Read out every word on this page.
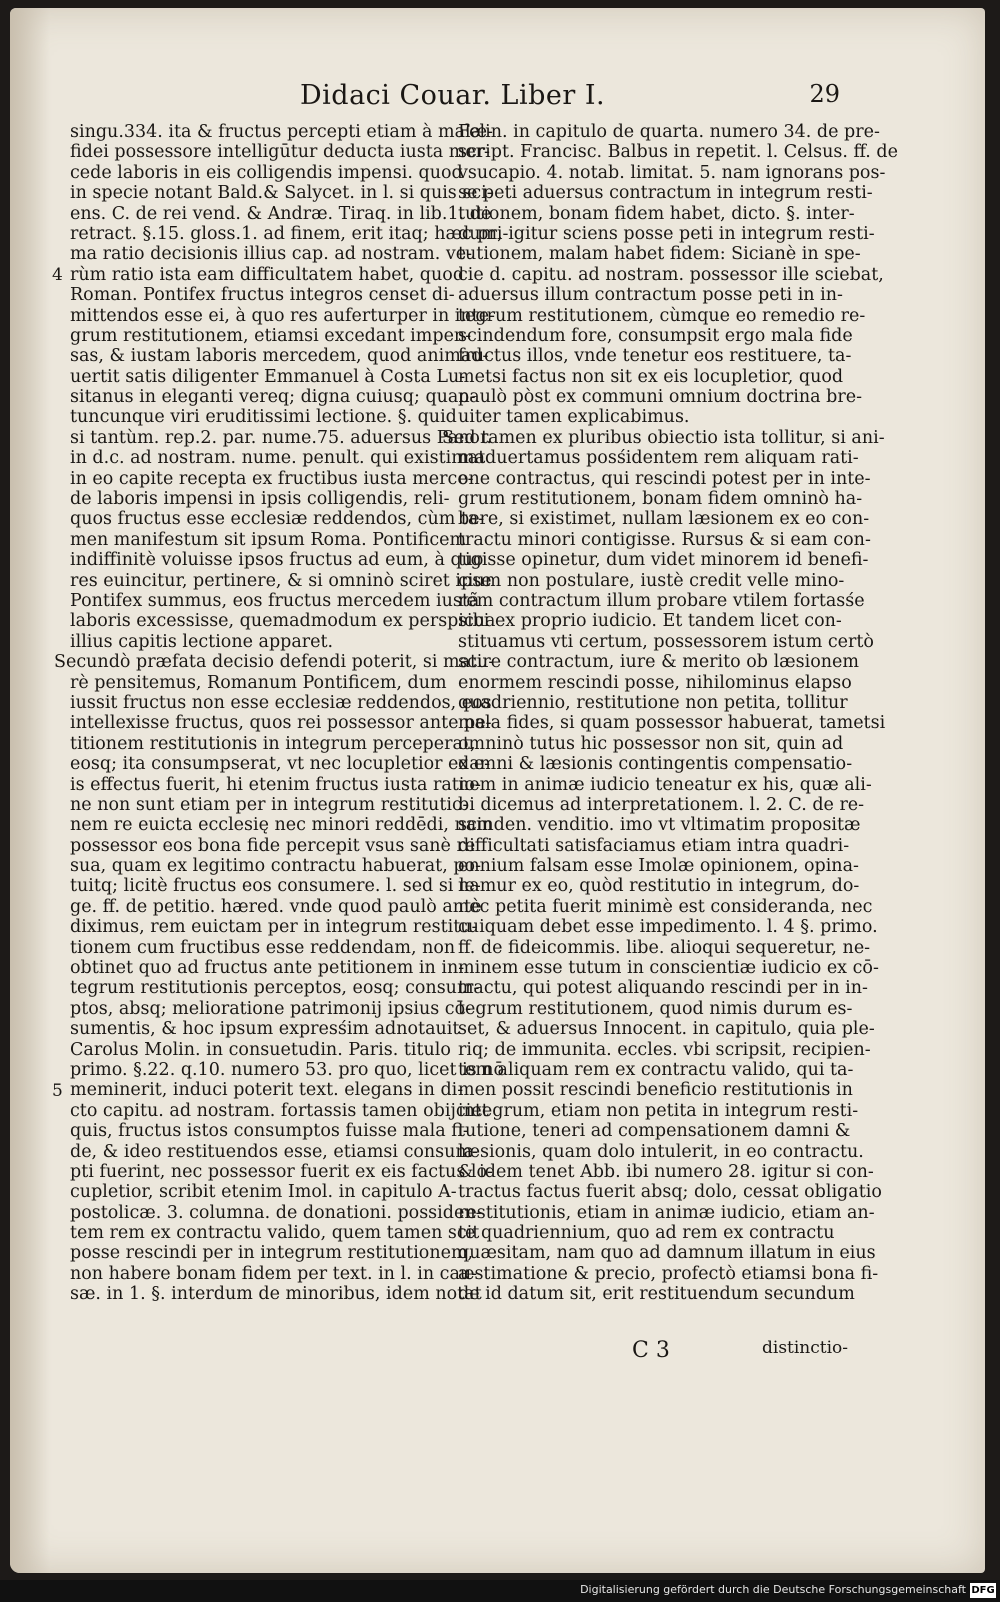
Didaci Couar. Liber I.	29
singu.334. ita & fructus percepti etiam à malæ-
fidei possessore intelligūtur deducta iusta mer-
cede laboris in eis colligendis impensi. quod
in specie notant Bald.& Salycet. in l. si quis sci-
ens. C. de rei vend. & Andræ. Tiraq. in lib.1. de
retract. §.15. gloss.1. ad finem, erit itaq; hæc pri-
ma ratio decisionis illius cap. ad nostram. ve-
rùm ratio ista eam difficultatem habet, quod
Roman. Pontifex fructus integros censet di-
mittendos esse ei, à quo res auferturper in inte-
grum restitutionem, etiamsi excedant impen-
sas, & iustam laboris mercedem, quod animad-
uertit satis diligenter Emmanuel à Costa Lu-
sitanus in eleganti vereq; digna cuiusq; quan-
tuncunque viri eruditissimi lectione. §. quid
si tantùm. rep.2. par. nume.75. aduersus Panor.
in d.c. ad nostram. nume. penult. qui existimat
in eo capite recepta ex fructibus iusta merce-
de laboris impensi in ipsis colligendis, reli-
quos fructus esse ecclesiæ reddendos, cùm ta-
men manifestum sit ipsum Roma. Pontificem
indiffinitè voluisse ipsos fructus ad eum, à quo
res euincitur, pertinere, & si omninò sciret ipse
Pontifex summus, eos fructus mercedem iustã
laboris excessisse, quemadmodum ex perspicua
illius capitis lectione apparet.
Secundò præfata decisio defendi poterit, si matu-
rè pensitemus, Romanum Pontificem, dum
iussit fructus non esse ecclesiæ reddendos, eos
intellexisse fructus, quos rei possessor ante pe-
titionem restitutionis in integrum perceperat,
eosq; ita consumpserat, vt nec locupletior ex e-
is effectus fuerit, hi etenim fructus iusta ratio-
ne non sunt etiam per in integrum restitutio-
nem re euicta ecclesię nec minori reddēdi, nam
possessor eos bona fide percepit vsus sanè re
sua, quam ex legitimo contractu habuerat, po-
tuitq; licitè fructus eos consumere. l. sed si le-
ge. ff. de petitio. hæred. vnde quod paulò antè
diximus, rem euictam per in integrum restitu-
tionem cum fructibus esse reddendam, non
obtinet quo ad fructus ante petitionem in in-
tegrum restitutionis perceptos, eosq; consum-
ptos, absq; melioratione patrimonij ipsius cō-
sumentis, & hoc ipsum expresśim adnotauit
Carolus Molin. in consuetudin. Paris. titulo
primo. §.22. q.10. numero 53. pro quo, licet is nō
meminerit, induci poterit text. elegans in di-
cto capitu. ad nostram. fortassis tamen obijciet
quis, fructus istos consumptos fuisse mala fi-
de, & ideo restituendos esse, etiamsi consum-
pti fuerint, nec possessor fuerit ex eis factus lo-
cupletior, scribit etenim Imol. in capitulo A-
postolicæ. 3. columna. de donationi. possiden-
tem rem ex contractu valido, quem tamen scit
posse rescindi per in integrum restitutionem,
non habere bonam fidem per text. in l. in cau-
sæ. in 1. §. interdum de minoribus, idem notat
4
5
Felin. in capitulo de quarta. numero 34. de pre-
script. Francisc. Balbus in repetit. l. Celsus. ff. de
vsucapio. 4. notab. limitat. 5. nam ignorans pos-
se peti aduersus contractum in integrum resti-
tutionem, bonam fidem habet, dicto. §. inter-
dum, igitur sciens posse peti in integrum resti-
tutionem, malam habet fidem: Sicianè in spe-
cie d. capitu. ad nostram. possessor ille sciebat,
aduersus illum contractum posse peti in in-
tegrum restitutionem, cùmque eo remedio re-
scindendum fore, consumpsit ergo mala fide
fructus illos, vnde tenetur eos restituere, ta-
metsi factus non sit ex eis locupletior, quod
paulò pòst ex communi omnium doctrina bre-
uiter tamen explicabimus.
Sed tamen ex pluribus obiectio ista tollitur, si ani-
maduertamus posśidentem rem aliquam rati-
one contractus, qui rescindi potest per in inte-
grum restitutionem, bonam fidem omninò ha-
bere, si existimet, nullam læsionem ex eo con-
tractu minori contigisse. Rursus & si eam con-
tigisse opinetur, dum videt minorem id benefi-
cium non postulare, iustè credit velle mino-
rem contractum illum probare vtilem fortasśe
sibi ex proprio iudicio. Et tandem licet con-
stituamus vti certum, possessorem istum certò
scire contractum, iure & merito ob læsionem
enormem rescindi posse, nihilominus elapso
quadriennio, restitutione non petita, tollitur
mala fides, si quam possessor habuerat, tametsi
omninò tutus hic possessor non sit, quin ad
damni & læsionis contingentis compensatio-
nem in animæ iudicio teneatur ex his, quæ ali-
bi dicemus ad interpretationem. l. 2. C. de re-
scinden. venditio. imo vt vltimatim propositæ
difficultati satisfaciamus etiam intra quadri-
ennium falsam esse Imolæ opinionem, opina-
namur ex eo, quòd restitutio in integrum, do-
nec petita fuerit minimè est consideranda, nec
cuiquam debet esse impedimento. l. 4 §. primo.
ff. de fideicommis. libe. alioqui sequeretur, ne-
minem esse tutum in conscientiæ iudicio ex cō-
tractu, qui potest aliquando rescindi per in in-
tegrum restitutionem, quod nimis durum es-
set, & aduersus Innocent. in capitulo, quia ple-
riq; de immunita. eccles. vbi scripsit, recipien-
tem aliquam rem ex contractu valido, qui ta-
men possit rescindi beneficio restitutionis in
integrum, etiam non petita in integrum resti-
tutione, teneri ad compensationem damni &
læsionis, quam dolo intulerit, in eo contractu.
& idem tenet Abb. ibi numero 28. igitur si con-
tractus factus fuerit absq; dolo, cessat obligatio
restitutionis, etiam in animæ iudicio, etiam an-
te quadriennium, quo ad rem ex contractu
quæsitam, nam quo ad damnum illatum in eius
æstimatione & precio, profectò etiamsi bona fi-
de id datum sit, erit restituendum secundum
C 3	distinctio-
Digitalisierung gefördert durch die Deutsche Forschungsgemeinschaft DFG
